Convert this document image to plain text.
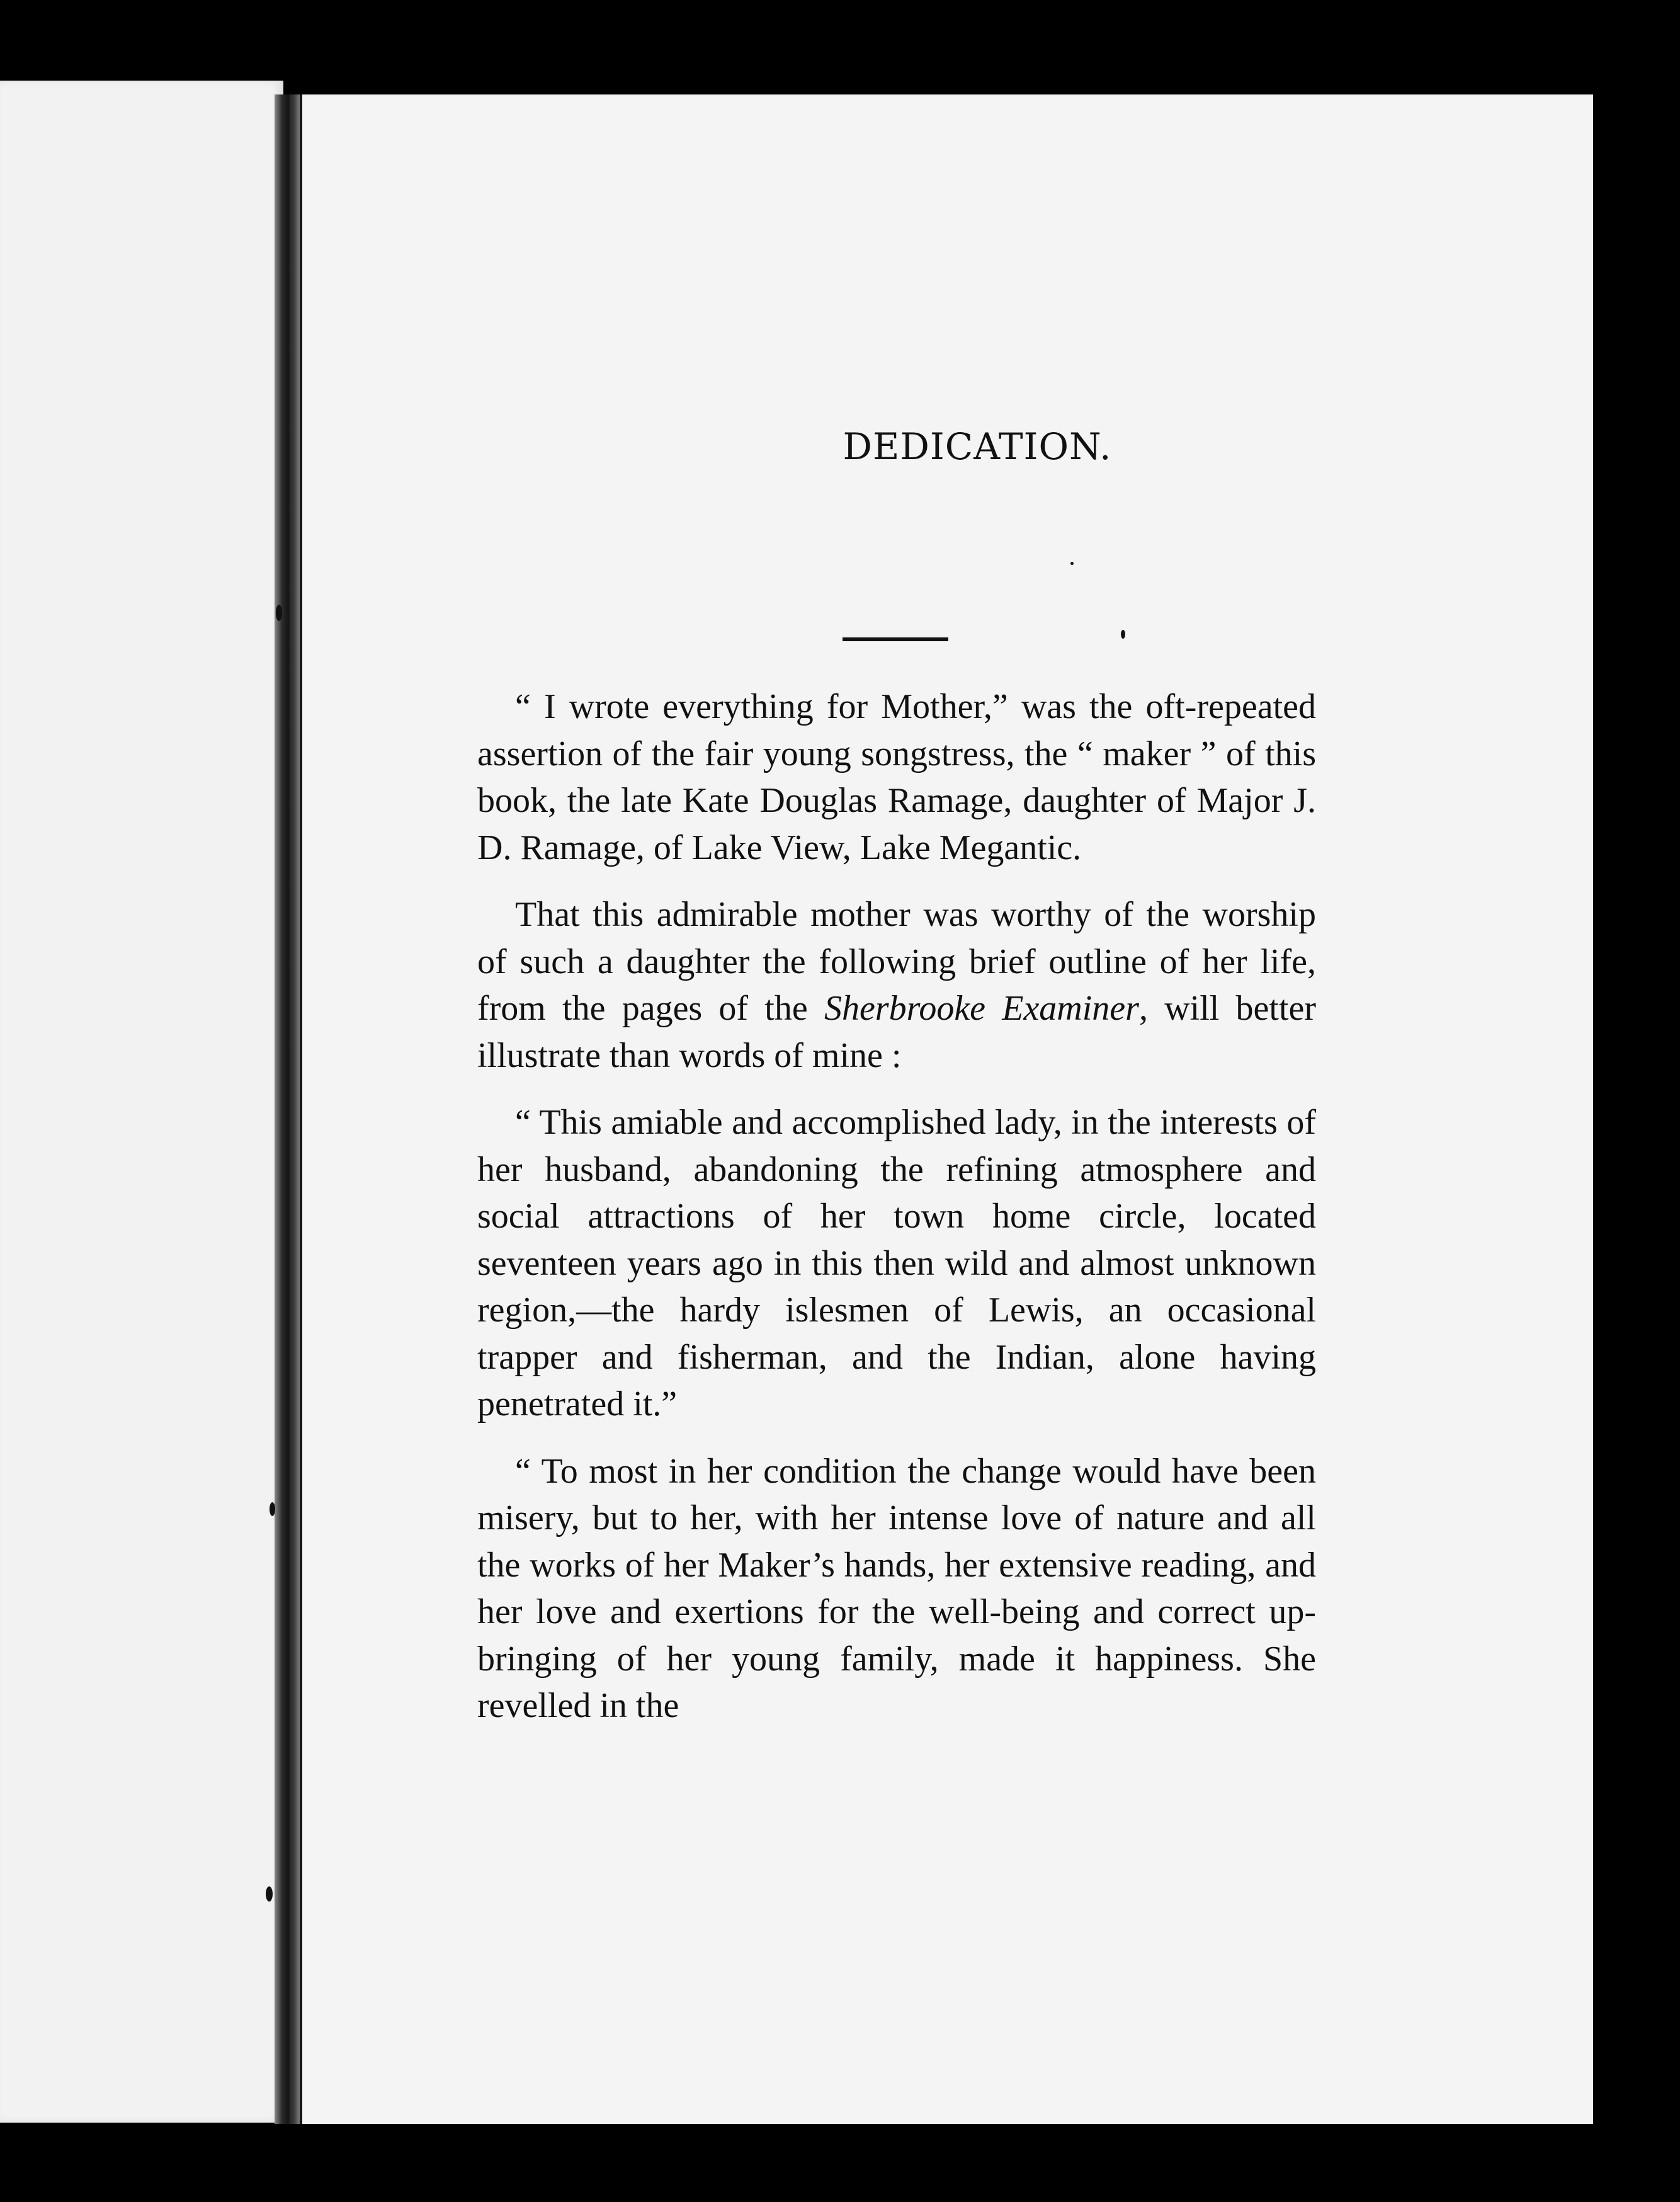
DEDICATION.

“ I wrote everything for Mother,” was the oft-repeated assertion of the fair young songstress, the “ maker ” of this book, the late Kate Douglas Ramage, daughter of Major J. D. Ramage, of Lake View, Lake Megantic.

That this admirable mother was worthy of the worship of such a daughter the following brief outline of her life, from the pages of the Sherbrooke Examiner, will better illustrate than words of mine :

“ This amiable and accomplished lady, in the interests of her husband, abandoning the refining atmosphere and social attractions of her town home circle, located seventeen years ago in this then wild and almost unknown region,—the hardy islesmen of Lewis, an occasional trapper and fisherman, and the Indian, alone having penetrated it.”

“ To most in her condition the change would have been misery, but to her, with her intense love of nature and all the works of her Maker’s hands, her extensive reading, and her love and exertions for the well-being and correct up-bringing of her young family, made it happiness. She revelled in the
